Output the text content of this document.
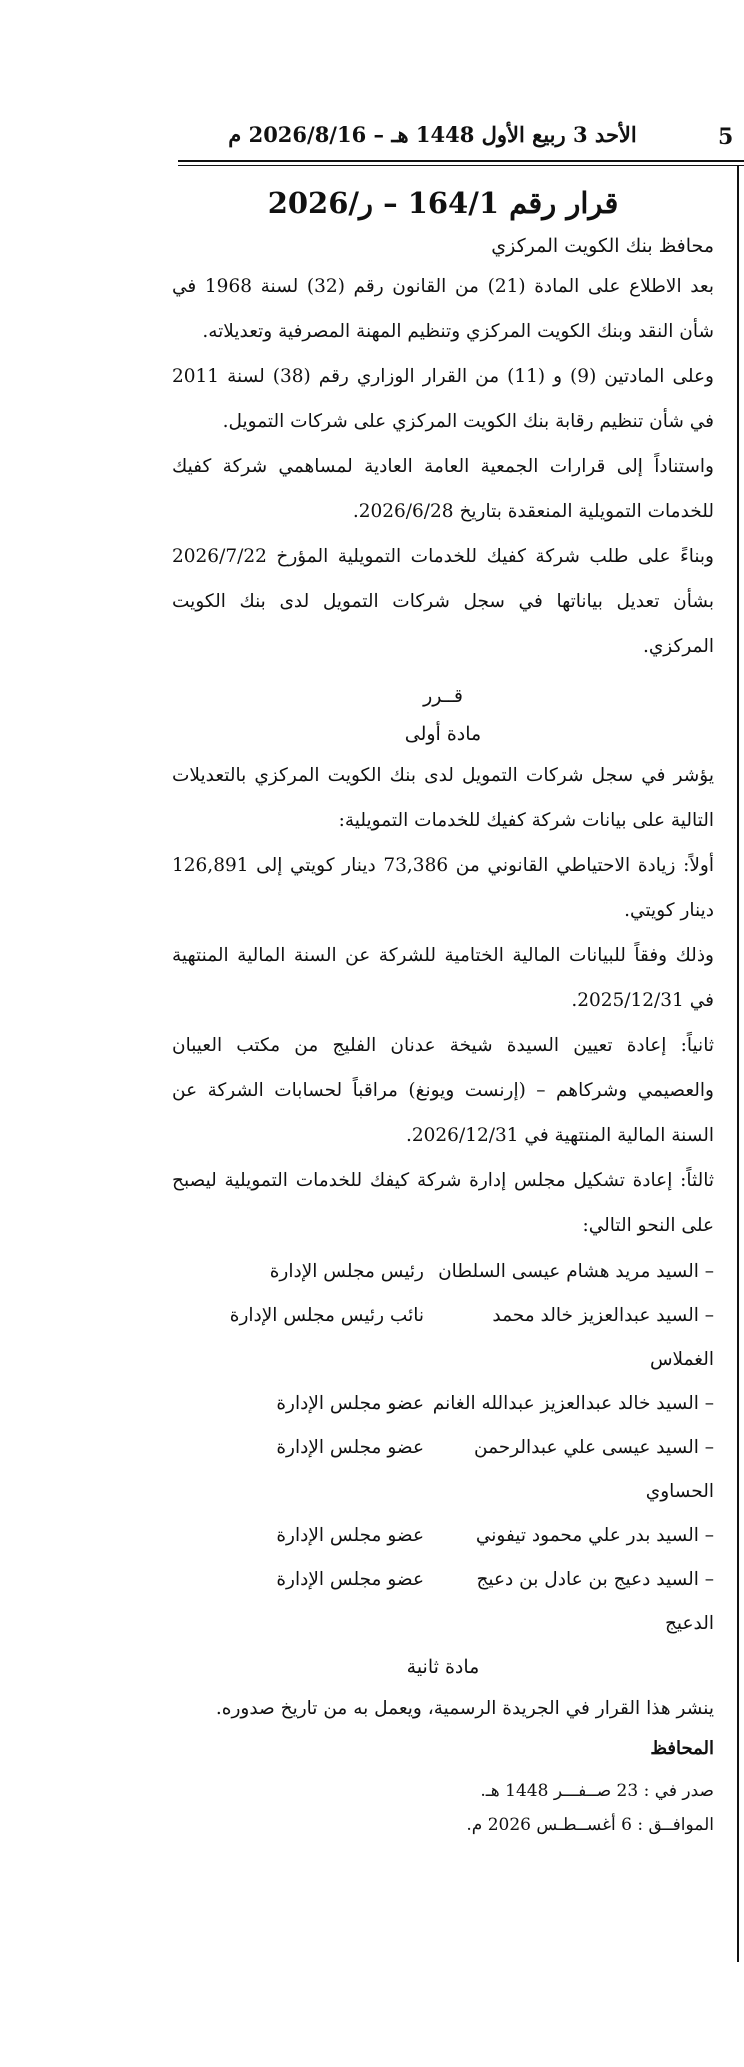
5
الأحد 3 ربيع الأول 1448 هـ – 2026/8/16 م
قرار رقم 164/1 – ر/2026

محافظ بنك الكويت المركزي

بعد الاطلاع على المادة (21) من القانون رقم (32) لسنة 1968 في شأن النقد وبنك الكويت المركزي وتنظيم المهنة المصرفية وتعديلاته.

وعلى المادتين (9) و (11) من القرار الوزاري رقم (38) لسنة 2011 في شأن تنظيم رقابة بنك الكويت المركزي على شركات التمويل.

واستناداً إلى قرارات الجمعية العامة العادية لمساهمي شركة كفيك للخدمات التمويلية المنعقدة بتاريخ 2026/6/28.

وبناءً على طلب شركة كفيك للخدمات التمويلية المؤرخ 2026/7/22 بشأن تعديل بياناتها في سجل شركات التمويل لدى بنك الكويت المركزي.

قــرر

مادة أولى

يؤشر في سجل شركات التمويل لدى بنك الكويت المركزي بالتعديلات التالية على بيانات شركة كفيك للخدمات التمويلية:

أولاً: زيادة الاحتياطي القانوني من 73,386 دينار كويتي إلى 126,891 دينار كويتي.

وذلك وفقاً للبيانات المالية الختامية للشركة عن السنة المالية المنتهية في 2025/12/31.

ثانياً: إعادة تعيين السيدة شيخة عدنان الفليج من مكتب العيبان والعصيمي وشركاهم – (إرنست ويونغ) مراقباً لحسابات الشركة عن السنة المالية المنتهية في 2026/12/31.

ثالثاً: إعادة تشكيل مجلس إدارة شركة كيفك للخدمات التمويلية ليصبح على النحو التالي:

– السيد مريد هشام عيسى السلطان
رئيس مجلس الإدارة
– السيد عبدالعزيز خالد محمد الغملاس
نائب رئيس مجلس الإدارة
– السيد خالد عبدالعزيز عبدالله الغانم
عضو مجلس الإدارة
– السيد عيسى علي عبدالرحمن الحساوي
عضو مجلس الإدارة
– السيد بدر علي محمود تيفوني
عضو مجلس الإدارة
– السيد دعيج بن عادل بن دعيج الدعيج
عضو مجلس الإدارة

مادة ثانية

ينشر هذا القرار في الجريدة الرسمية، ويعمل به من تاريخ صدوره.

المحافظ

صدر في : 23 صــفـــر 1448 هـ.

الموافــق : 6 أغســطـس 2026 م.
